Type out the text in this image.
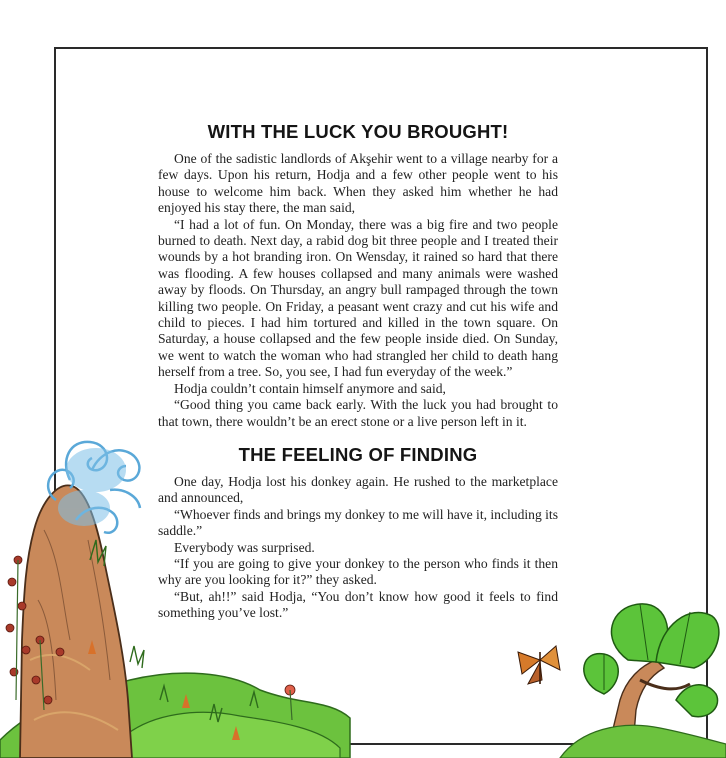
WITH THE LUCK YOU BROUGHT!

One of the sadistic landlords of Akşehir went to a village nearby for a few days. Upon his return, Hodja and a few other people went to his house to welcome him back. When they asked him whether he had enjoyed his stay there, the man said,

“I had a lot of fun. On Monday, there was a big fire and two people burned to death. Next day, a rabid dog bit three people and I treated their wounds by a hot branding iron. On Wensday, it rained so hard that there was flooding. A few houses collapsed and many animals were washed away by floods. On Thursday, an angry bull rampaged through the town killing two people. On Friday, a peasant went crazy and cut his wife and child to pieces. I had him tortured and killed in the town square. On Saturday, a house collapsed and the few people inside died. On Sunday, we went to watch the woman who had strangled her child to death hang herself from a tree. So, you see, I had fun everyday of the week.”

Hodja couldn’t contain himself anymore and said,

“Good thing you came back early. With the luck you had brought to that town, there wouldn’t be an erect stone or a live person left in it.

THE FEELING OF FINDING

One day, Hodja lost his donkey again. He rushed to the marketplace and announced,

“Whoever finds and brings my donkey to me will have it, including its saddle.”

Everybody was surprised.

“If you are going to give your donkey to the person who finds it then why are you looking for it?” they asked.

“But, ah!!” said Hodja, “You don’t know how good it feels to find something you’ve lost.”
